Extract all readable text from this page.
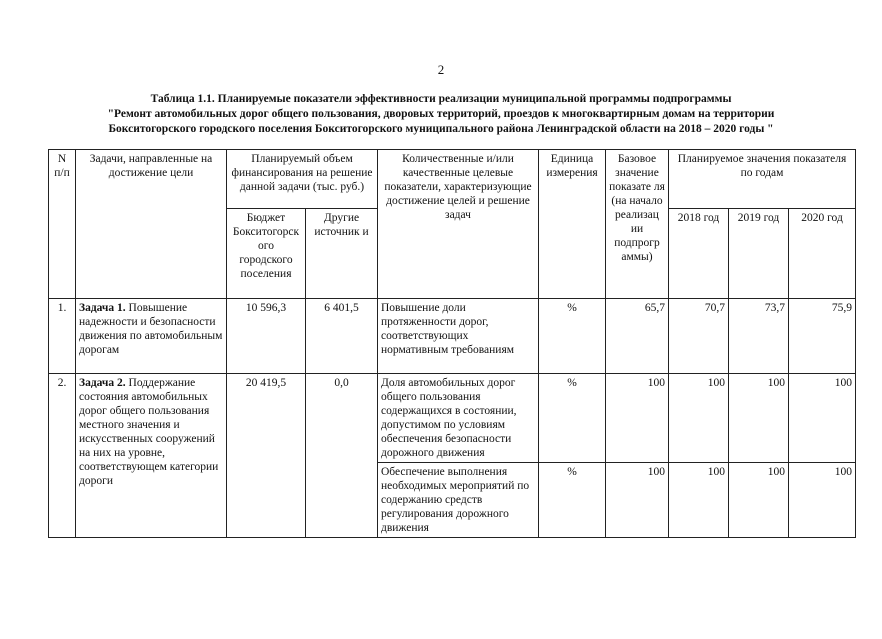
2
Таблица 1.1. Планируемые показатели эффективности реализации муниципальной программы подпрограммы
"Ремонт автомобильных дорог общего пользования, дворовых территорий, проездов к многоквартирным домам на территории
Бокситогорского городского поселения Бокситогорского муниципального района Ленинградской области на 2018 – 2020 годы "
N п/п	Задачи, направленные на достижение цели	Планируемый объем финансирования на решение данной задачи (тыс. руб.)		Количественные и/или качественные целевые показатели, характеризующие достижение целей и решение задач	Единица измерения	Базовое значение показате ля (на начало реализац ии подпрогр аммы)	Планируемое значения показателя по годам		
		Бюджет Бокситогорск ого городского поселения	Другие источник и				2018 год	2019 год	2020 год
1.	Задача 1. Повышение надежности и безопасности движения по автомобильным дорогам	10 596,3	6 401,5	Повышение доли протяженности дорог, соответствующих нормативным требованиям	%	65,7	70,7	73,7	75,9
2.	Задача 2. Поддержание состояния автомобильных дорог общего пользования местного значения и искусственных сооружений на них на уровне, соответствующем категории дороги	20 419,5	0,0	Доля автомобильных дорог общего пользования содержащихся в состоянии, допустимом по условиям обеспечения безопасности дорожного движения	%	100	100	100	100
				Обеспечение выполнения необходимых мероприятий по содержанию средств регулирования дорожного движения	%	100	100	100	100
